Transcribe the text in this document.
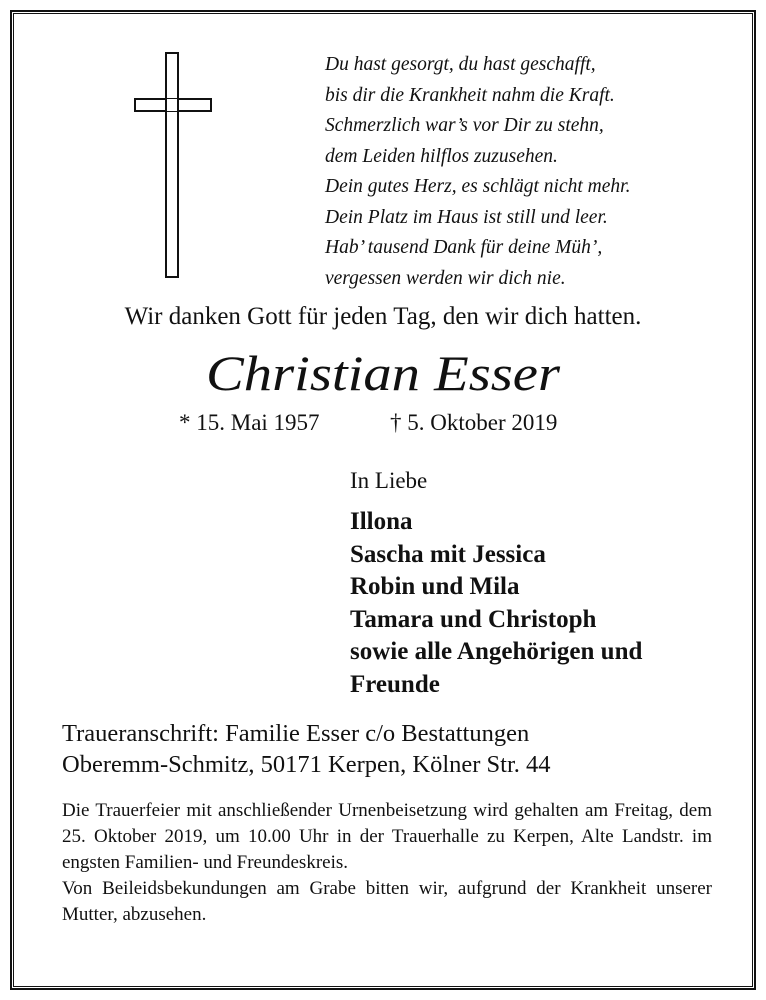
Du hast gesorgt, du hast geschafft,
bis dir die Krankheit nahm die Kraft.
Schmerzlich war’s vor Dir zu stehn,
dem Leiden hilflos zuzusehen.
Dein gutes Herz, es schlägt nicht mehr.
Dein Platz im Haus ist still und leer.
Hab’ tausend Dank für deine Müh’,
vergessen werden wir dich nie.
Wir danken Gott für jeden Tag, den wir dich hatten.
Christian Esser
* 15. Mai 1957	† 5. Oktober 2019
In Liebe
Illona
Sascha mit Jessica
Robin und Mila
Tamara und Christoph
sowie alle Angehörigen und
Freunde
Traueranschrift: Familie Esser c/o Bestattungen
Oberemm-Schmitz, 50171 Kerpen, Kölner Str. 44

Die Trauerfeier mit anschließender Urnenbeisetzung wird gehalten am Freitag, dem 25. Oktober 2019, um 10.00 Uhr in der Trauerhalle zu Kerpen, Alte Landstr. im engsten Familien- und Freundeskreis.

Von Beileidsbekundungen am Grabe bitten wir, aufgrund der Krankheit unserer Mutter, abzusehen.
